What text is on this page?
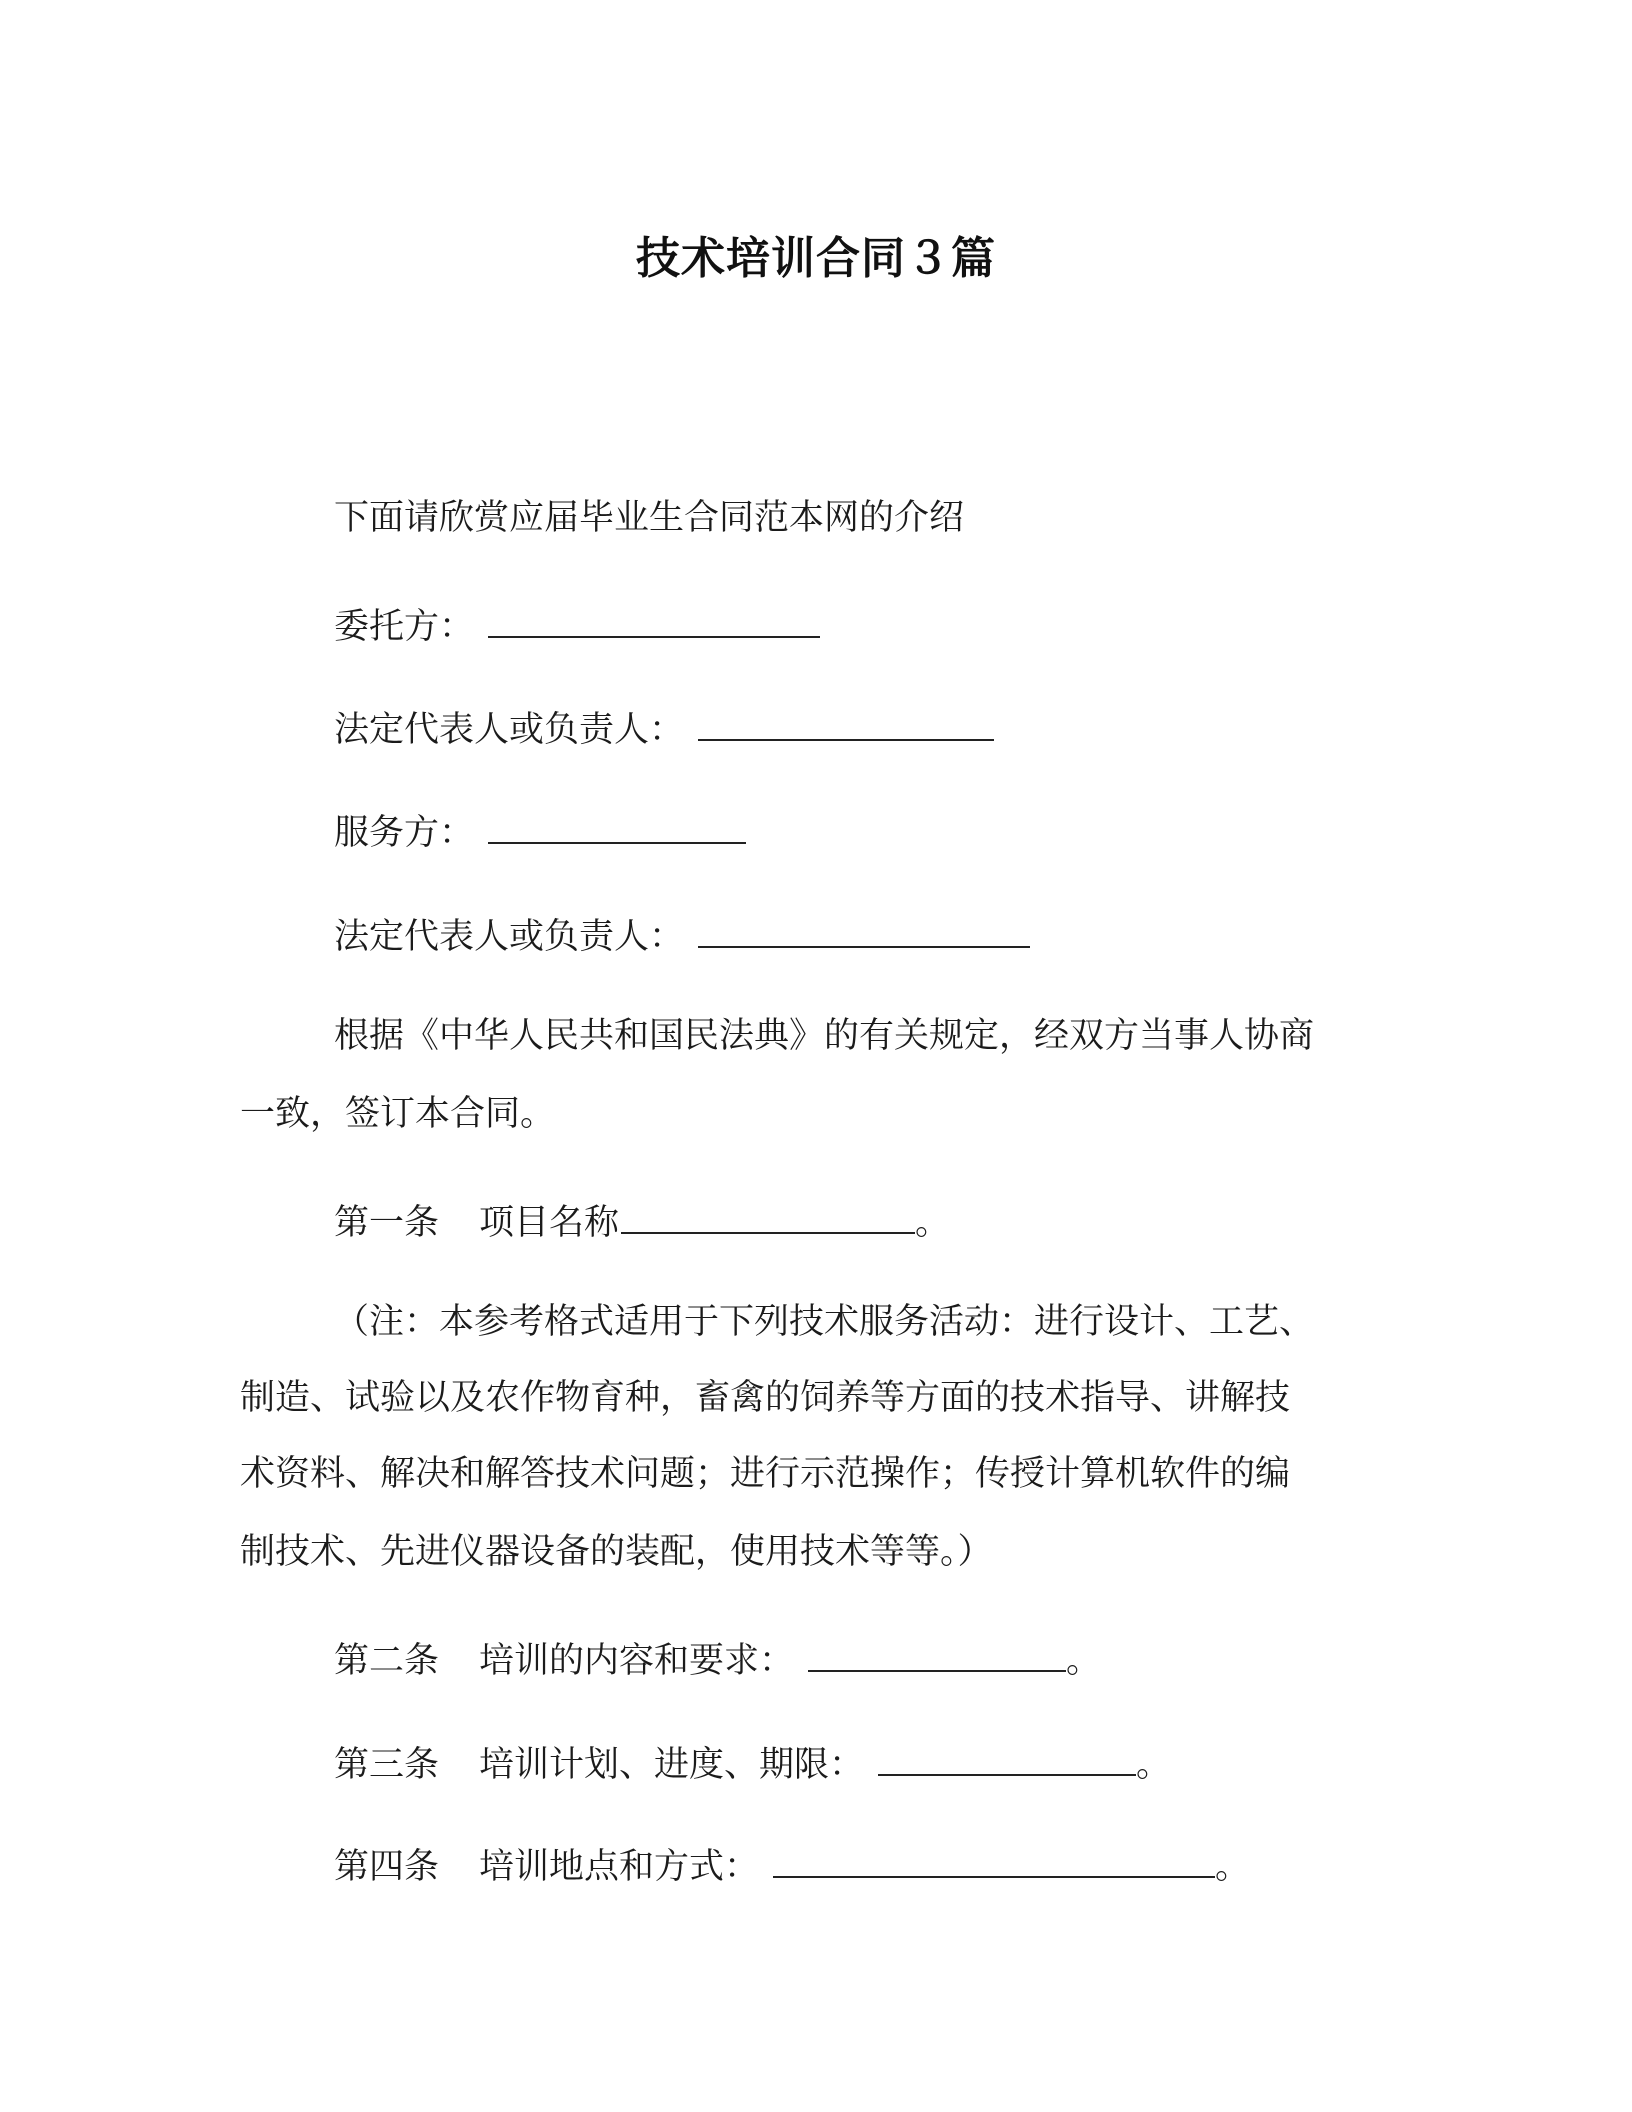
技术培训合同３篇
下面请欣赏应届毕业生合同范本网的介绍
委托方：
法定代表人或负责人：
服务方：
法定代表人或负责人：
根据《中华人民共和国民法典》的有关规定，经双方当事人协商
一致，签订本合同。
第一条 项目名称	。
（注：本参考格式适用于下列技术服务活动：进行设计、工艺、
制造、试验以及农作物育种，畜禽的饲养等方面的技术指导、讲解技
术资料、解决和解答技术问题；进行示范操作；传授计算机软件的编
制技术、先进仪器设备的装配，使用技术等等。）
第二条 培训的内容和要求：	。
第三条 培训计划、进度、期限：	。
第四条 培训地点和方式：	。
